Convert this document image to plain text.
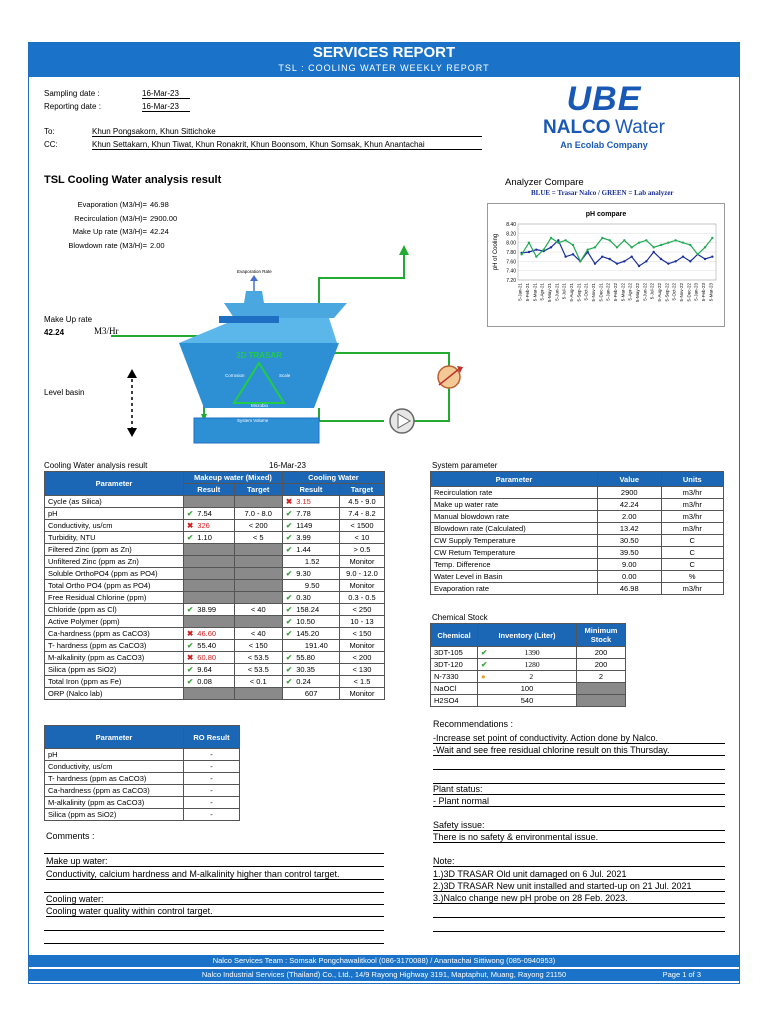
SERVICES REPORT
TSL : COOLING WATER WEEKLY REPORT
Sampling date :	16-Mar-23
Reporting date :	16-Mar-23
To:	Khun Pongsakorn, Khun Sittichoke
CC:	Khun Settakarn, Khun Tiwat, Khun Ronakrit, Khun Boonsom, Khun Somsak, Khun Anantachai
UBE
NALCO Water
An Ecolab Company
TSL Cooling Water analysis result
Evaporation (M3/H)= 46.98
Recirculation (M3/H)= 2900.00
Make Up rate (M3/H)= 42.24
Blowdown rate (M3/H)= 2.00
3D TRASAR
Corrosion	Scale
Microbio
Evaporation Rate
System Volume
Make Up rate
42.24	M3/Hr
Level basin
Analyzer Compare
BLUE = Trasar Nalco / GREEN = Lab analyzer
pH compare
8.40
8.20
8.00
7.80
7.60
7.40
7.20
pH of Cooling
5-Jan-21 5-Feb-21 5-Mar-21 5-Apr-21 5-May-21 5-Jun-21 5-Jul-21 5-Aug-21 5-Sep-21 5-Oct-21 5-Nov-21 5-Dec-21 5-Jan-22 5-Feb-22 5-Mar-22 5-Apr-22 5-May-22 5-Jun-22 5-Jul-22 5-Aug-22 5-Sep-22 5-Oct-22 5-Nov-22 5-Dec-22 5-Jan-23 5-Feb-23 5-Mar-23
Cooling Water analysis result	16-Mar-23
Parameter	Makeup water (Mixed)		Cooling Water	
	Result	Target	Result	Target
Cycle (as Silica)			✖ 3.15	4.5 - 9.0
pH	✔ 7.54	7.0 - 8.0	✔ 7.78	7.4 - 8.2
Conductivity, us/cm	✖ 326	< 200	✔ 1149	< 1500
Turbidity, NTU	✔ 1.10	< 5	✔ 3.99	< 10
Filtered Zinc (ppm as Zn)			✔ 1.44	> 0.5
Unfiltered Zinc (ppm as Zn)			1.52	Monitor
Soluble OrthoPO4 (ppm as PO4)			✔ 9.30	9.0 - 12.0
Total Ortho PO4 (ppm as PO4)			9.50	Monitor
Free Residual Chlorine (ppm)			✔ 0.30	0.3 - 0.5
Chloride (ppm as Cl)	✔ 38.99	< 40	✔ 158.24	< 250
Active Polymer (ppm)			✔ 10.50	10 - 13
Ca-hardness (ppm as CaCO3)	✖ 46.60	< 40	✔ 145.20	< 150
T- hardness (ppm as CaCO3)	✔ 55.40	< 150	191.40	Monitor
M-alkalinity (ppm as CaCO3)	✖ 60.80	< 53.5	✔ 55.80	< 200
Silica (ppm as SiO2)	✔ 9.64	< 53.5	✔ 30.35	< 130
Total Iron (ppm as Fe)	✔ 0.08	< 0.1	✔ 0.24	< 1.5
ORP (Nalco lab)			607	Monitor
Parameter	RO Result
pH	-
Conductivity, us/cm	-
T- hardness (ppm as CaCO3)	-
Ca-hardness (ppm as CaCO3)	-
M-alkalinity (ppm as CaCO3)	-
Silica (ppm as SiO2)	-
System parameter
Parameter	Value	Units
Recirculation rate	2900	m3/hr
Make up water rate	42.24	m3/hr
Manual blowdown rate	2.00	m3/hr
Blowdown rate (Calculated)	13.42	m3/hr
CW Supply Temperature	30.50	C
CW Return Temperature	39.50	C
Temp. Difference	9.00	C
Water Level in Basin	0.00	%
Evaporation rate	46.98	m3/hr
Chemical Stock
Chemical	Inventory (Liter)	Minimum Stock
3DT-105	✔ 1390	200
3DT-120	✔ 1280	200
N-7330	● 2	2
NaOCl	100	
H2SO4	540	
Recommendations :
-Increase set point of conductivity. Action done by Nalco.
-Wait and see free residual chlorine result on this Thursday.
Plant status:
- Plant normal
Safety issue:
There is no safety & environmental issue.
Note:
1.)3D TRASAR Old unit damaged on 6 Jul. 2021
2.)3D TRASAR New unit installed and started-up on 21 Jul. 2021
3.)Nalco change new pH probe on 28 Feb. 2023.
Comments :
Make up water:
Conductivity, calcium hardness and M-alkalinity higher than control target.
Cooling water:
Cooling water quality within control target.
Nalco Services Team : Somsak Pongchawalitkool (086-3170088) / Anantachai Sittiwong (085-0940953)
Nalco Industrial Services (Thailand) Co., Ltd., 14/9 Rayong Highway 3191, Maptaphut, Muang, Rayong 21150	Page 1 of 3
